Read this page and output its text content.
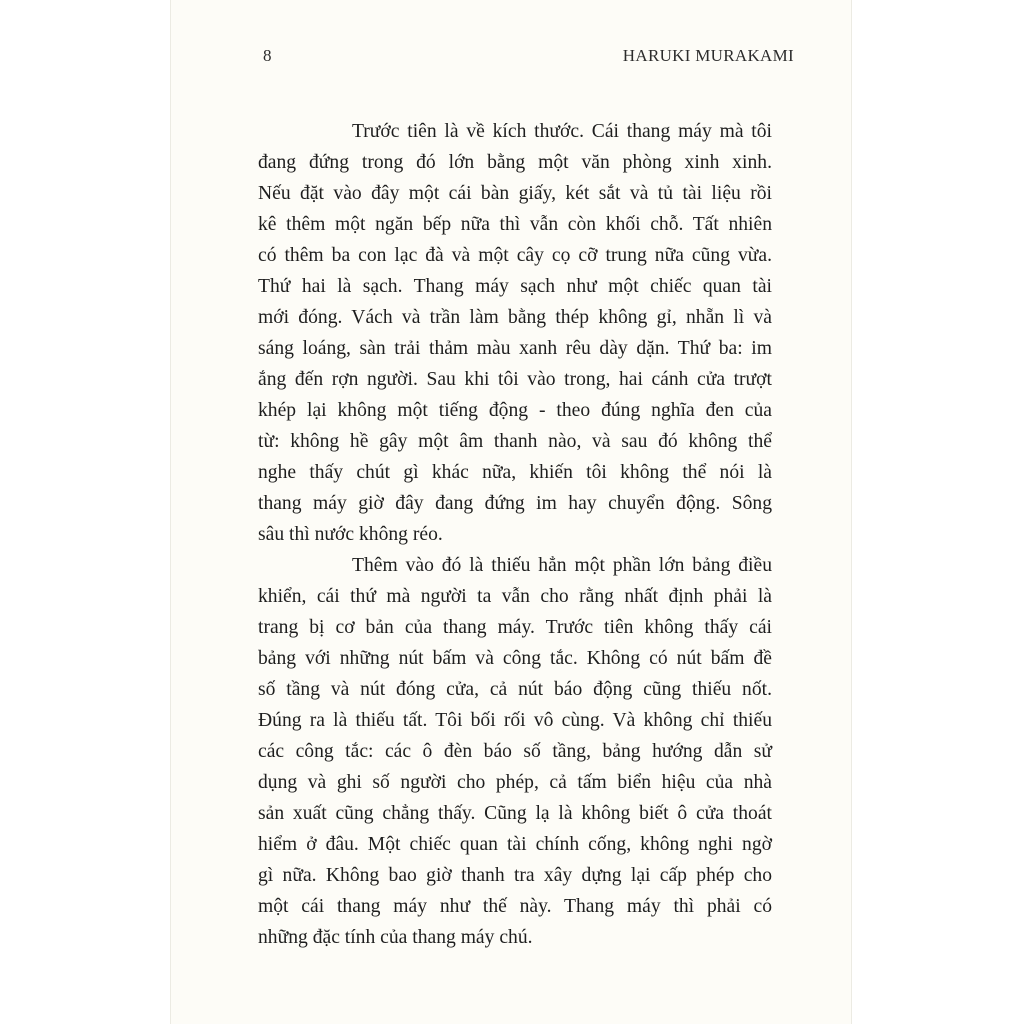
8	HARUKI MURAKAMI
Trước tiên là về kích thước. Cái thang máy mà tôi
đang đứng trong đó lớn bằng một văn phòng xinh xinh.
Nếu đặt vào đây một cái bàn giấy, két sắt và tủ tài liệu rồi
kê thêm một ngăn bếp nữa thì vẫn còn khối chỗ. Tất nhiên
có thêm ba con lạc đà và một cây cọ cỡ trung nữa cũng vừa.
Thứ hai là sạch. Thang máy sạch như một chiếc quan tài
mới đóng. Vách và trần làm bằng thép không gỉ, nhẵn lì và
sáng loáng, sàn trải thảm màu xanh rêu dày dặn. Thứ ba: im
ắng đến rợn người. Sau khi tôi vào trong, hai cánh cửa trượt
khép lại không một tiếng động - theo đúng nghĩa đen của
từ: không hề gây một âm thanh nào, và sau đó không thể
nghe thấy chút gì khác nữa, khiến tôi không thể nói là
thang máy giờ đây đang đứng im hay chuyển động. Sông
sâu thì nước không réo.
Thêm vào đó là thiếu hẳn một phần lớn bảng điều
khiển, cái thứ mà người ta vẫn cho rằng nhất định phải là
trang bị cơ bản của thang máy. Trước tiên không thấy cái
bảng với những nút bấm và công tắc. Không có nút bấm đề
số tầng và nút đóng cửa, cả nút báo động cũng thiếu nốt.
Đúng ra là thiếu tất. Tôi bối rối vô cùng. Và không chỉ thiếu
các công tắc: các ô đèn báo số tầng, bảng hướng dẫn sử
dụng và ghi số người cho phép, cả tấm biển hiệu của nhà
sản xuất cũng chẳng thấy. Cũng lạ là không biết ô cửa thoát
hiểm ở đâu. Một chiếc quan tài chính cống, không nghi ngờ
gì nữa. Không bao giờ thanh tra xây dựng lại cấp phép cho
một cái thang máy như thế này. Thang máy thì phải có
những đặc tính của thang máy chú.
